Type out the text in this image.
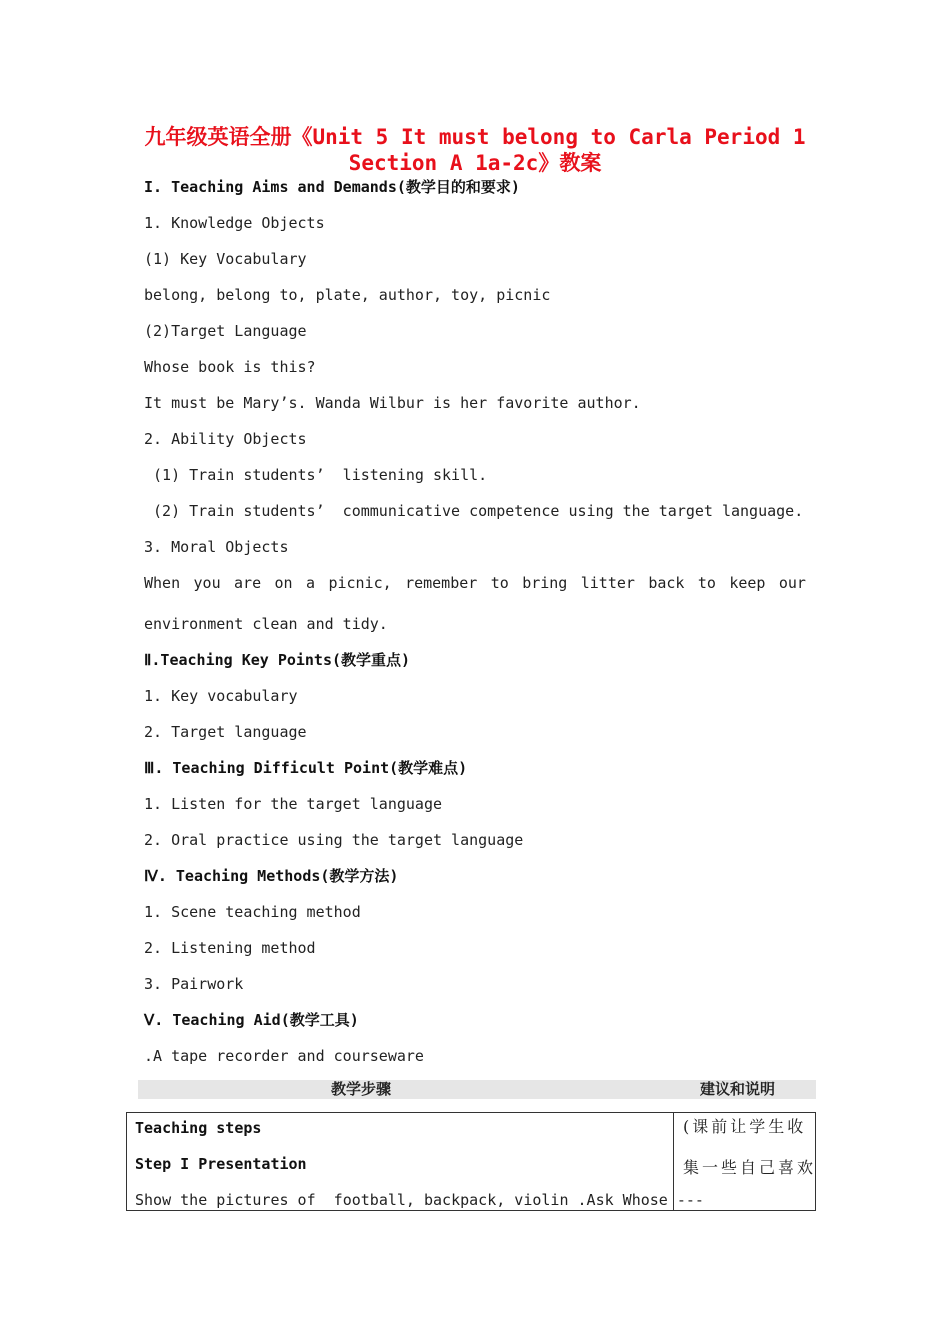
九年级英语全册《Unit 5 It must belong to Carla Period 1
Section A 1a-2c》教案
I. Teaching Aims and Demands(教学目的和要求)
1. Knowledge Objects
(1) Key Vocabulary
belong, belong to, plate, author, toy, picnic
(2)Target Language
Whose book is this?
It must be Mary’s. Wanda Wilbur is her favorite author.
2. Ability Objects
(1) Train students’  listening skill.
(2) Train students’  communicative competence using the target language.
3. Moral Objects
When you are on a picnic, remember to bring litter back to keep our
environment clean and tidy.
Ⅱ.Teaching Key Points(教学重点)
1. Key vocabulary
2. Target language
Ⅲ. Teaching Difficult Point(教学难点)
1. Listen for the target language
2. Oral practice using the target language
Ⅳ. Teaching Methods(教学方法)
1. Scene teaching method
2. Listening method
3. Pairwork
Ⅴ. Teaching Aid(教学工具)
.A tape recorder and courseware
教学步骤	建议和说明
Teaching steps
Step I Presentation
Show the pictures of  football, backpack, violin .Ask Whose ---
(课前让学生收
集一些自己喜欢
